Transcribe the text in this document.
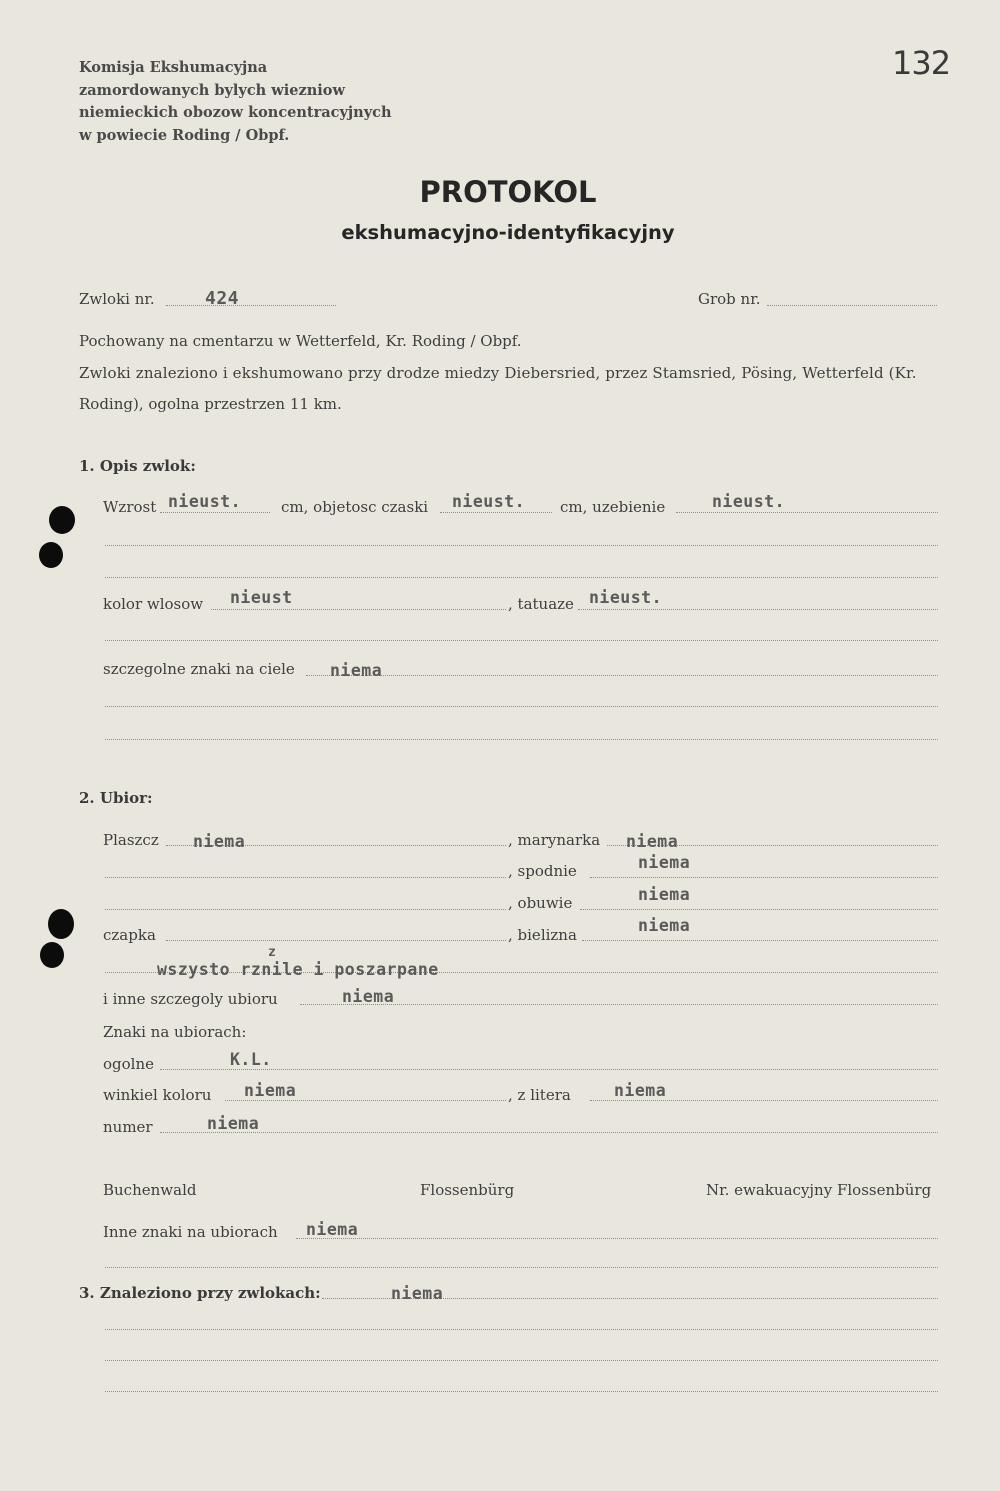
Komisja Ekshumacyjna
zamordowanych bylych wiezniow
niemieckich obozow koncentracyjnych
w powiecie Roding / Obpf.
132
PROTOKOL
ekshumacyjno-identyfikacyjny
Zwloki nr.	424	Grob nr.
Pochowany na cmentarzu w Wetterfeld, Kr. Roding / Obpf.
Zwloki znaleziono i ekshumowano przy drodze miedzy Diebersried, przez Stamsried, Pösing, Wetterfeld (Kr.
Roding), ogolna przestrzen 11 km.
1. Opis zwlok:
Wzrost nieust.	cm, objetosc czaski nieust. cm, uzebienie	nieust.
kolor wlosow nieust	, tatuaze nieust.
szczegolne znaki na ciele niema
2. Ubior:
Plaszcz niema	, marynarka niema
, spodnie	niema
, obuwie	niema
czapka	, bielizna	niema
wszysto rznile i poszarpane
z
i inne szczegoly ubioru	niema
Znaki na ubiorach:
ogolne	K.L.
winkiel koloru niema	, z litera	niema
numer	niema
Buchenwald	Flossenbürg	Nr. ewakuacyjny Flossenbürg
Inne znaki na ubiorach niema
3. Znaleziono przy zwlokach:	niema
